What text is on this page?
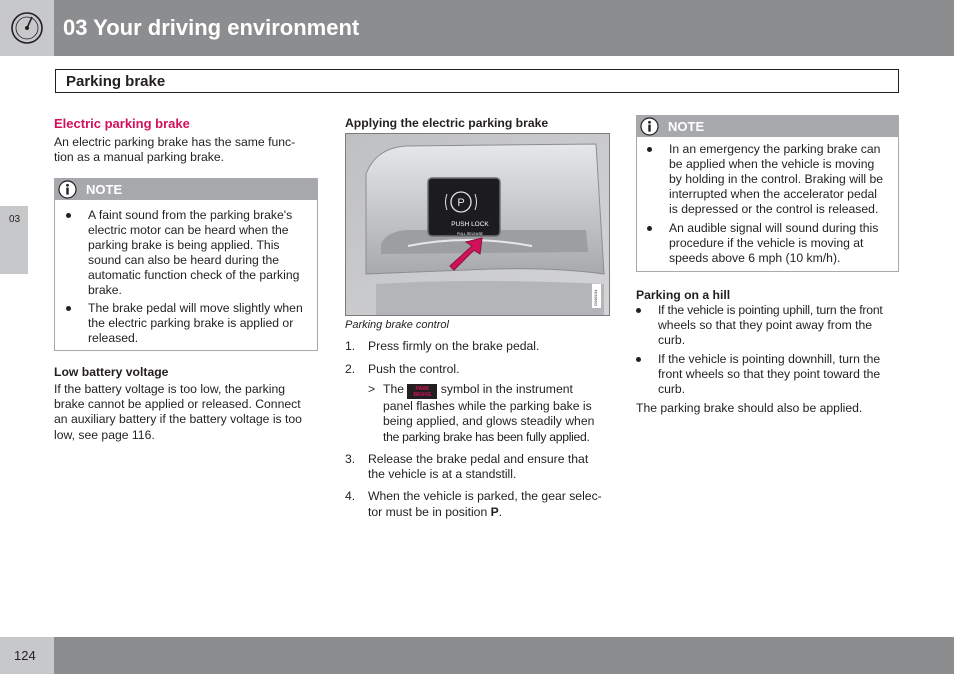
03 Your driving environment
Parking brake
03
Electric parking brake
An electric parking brake has the same func-
tion as a manual parking brake.
NOTE
A faint sound from the parking brake's
electric motor can be heard when the
parking brake is being applied. This
sound can also be heard during the
automatic function check of the parking
brake.
The brake pedal will move slightly when
the electric parking brake is applied or
released.
Low battery voltage
If the battery voltage is too low, the parking
brake cannot be applied or released. Connect
an auxiliary battery if the battery voltage is too
low, see page 116.
Applying the electric parking brake
P
PUSH LOCK
PULL RELEASE
G046134
Parking brake control
1. Press firmly on the brake pedal.
2. Push the control.
> The PARK
BRAKE symbol in the instrument
panel flashes while the parking bake is
being applied, and glows steadily when
the parking brake has been fully applied.
3. Release the brake pedal and ensure that
the vehicle is at a standstill.
4. When the vehicle is parked, the gear selec-
tor must be in position P.
NOTE
In an emergency the parking brake can
be applied when the vehicle is moving
by holding in the control. Braking will be
interrupted when the accelerator pedal
is depressed or the control is released.
An audible signal will sound during this
procedure if the vehicle is moving at
speeds above 6 mph (10 km/h).
Parking on a hill
If the vehicle is pointing uphill, turn the front
wheels so that they point away from the
curb.
If the vehicle is pointing downhill, turn the
front wheels so that they point toward the
curb.
The parking brake should also be applied.
124
